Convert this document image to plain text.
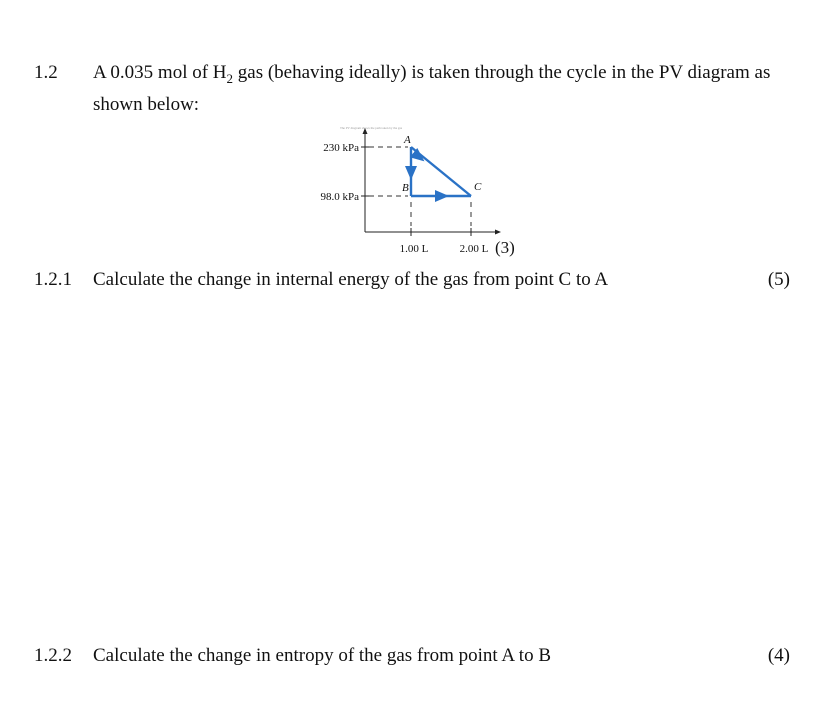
1.2 A 0.035 mol of $H_2$ gas (behaving ideally) is taken through the cycle in the PV diagram as
shown below:
The PV diagram shows the path taken by the gas
230 kPa
98.0 kPa
1.00 L	2.00 L
A
B	C
(3)
1.2.1 Calculate the change in internal energy of the gas from point C to A	(5)
1.2.2 Calculate the change in entropy of the gas from point A to B	(4)
